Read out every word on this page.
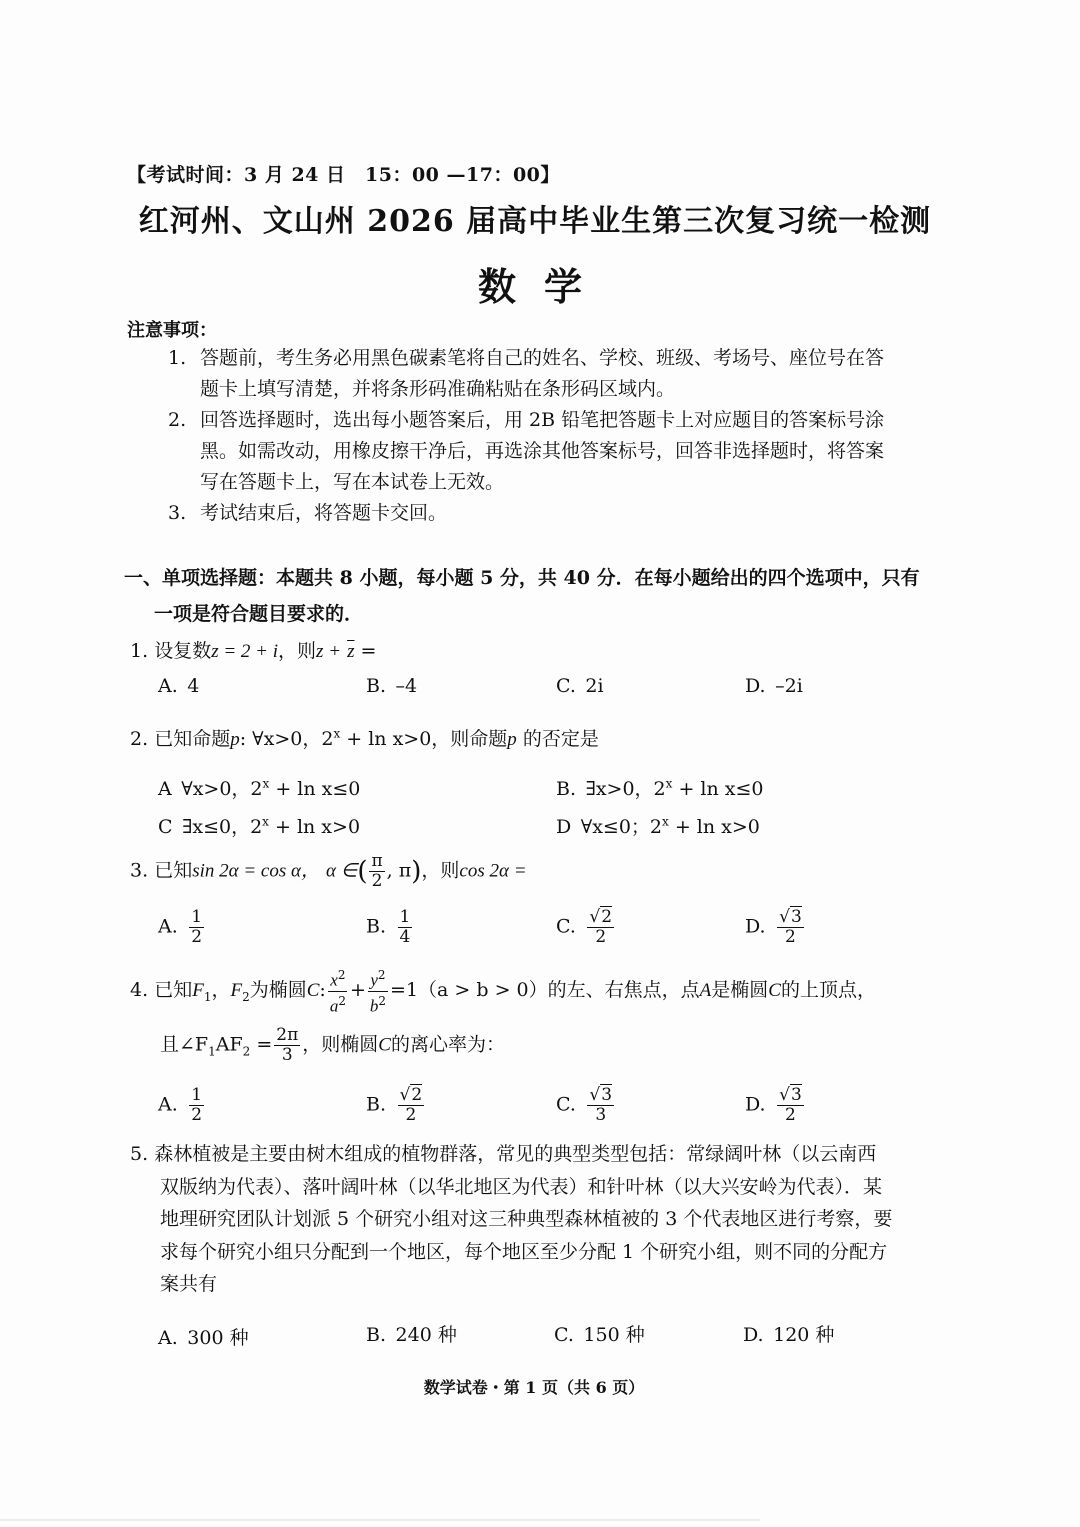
【考试时间：3 月 24 日　15：00 —17：00】
红河州、文山州 2026 届高中毕业生第三次复习统一检测
数学
注意事项：
1. 答题前，考生务必用黑色碳素笔将自己的姓名、学校、班级、考场号、座位号在答
题卡上填写清楚，并将条形码准确粘贴在条形码区域内。
2. 回答选择题时，选出每小题答案后，用 2B 铅笔把答题卡上对应题目的答案标号涂
黑。如需改动，用橡皮擦干净后，再选涂其他答案标号，回答非选择题时，将答案
写在答题卡上，写在本试卷上无效。
3. 考试结束后，将答题卡交回。
一、单项选择题：本题共 8 小题，每小题 5 分，共 40 分．在每小题给出的四个选项中，只有
一项是符合题目要求的．
1. 设复数z = 2 + i，则$z + \overline{z}$ =
A.  4	B.  –4	C.  2i	D.  –2i
2. 已知命题p: ∀x>0，$2^x + \ln x>0$，则命题p 的否定是
A  ∀x>0，$2^x + \ln x\le 0$	B.  ∃x>0，$2^x + \ln x\le 0$
C  ∃x≤0，$2^x + \ln x>0$	D  ∀x≤0；$2^x + \ln x>0$
3. 已知sin 2α = cos α， α ∈( $\frac{\pi}{2}$ , π)，则cos 2α =
A.  $\frac{1}{2}$	B.  $\frac{1}{4}$	C.  $\frac{√2}{2}$	D.  $\frac{√3}{2}$
4. 已知$F_1$，$F_2$为椭圆C: $\frac{x^2}{a^2} + \frac{y^2}{b^2} =1(a > b > 0)$的左、右焦点，点A是椭圆C的上顶点，
且$\angle F_1AF_2 = \frac{2\pi}{3}$ ，则椭圆C的离心率为：
A.  $\frac{1}{2}$	B.  $\frac{√2}{2}$	C.  $\frac{√3}{3}$	D.  $\frac{√3}{2}$
5. 森林植被是主要由树木组成的植物群落，常见的典型类型包括：常绿阔叶林（以云南西
双版纳为代表）、落叶阔叶林（以华北地区为代表）和针叶林（以大兴安岭为代表）．某
地理研究团队计划派 5 个研究小组对这三种典型森林植被的 3 个代表地区进行考察，要
求每个研究小组只分配到一个地区，每个地区至少分配 1 个研究小组，则不同的分配方
案共有
A.  300 种	B.  240 种	C.  150 种	D.  120 种
数学试卷・第 1 页（共 6 页）
